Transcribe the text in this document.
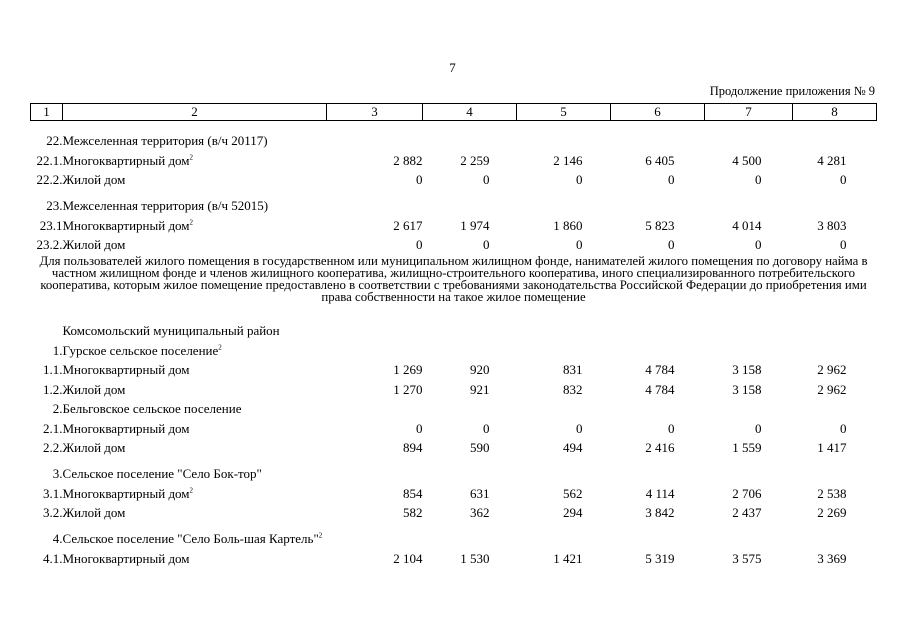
7
Продолжение приложения № 9
1	2	3	4	5	6	7	8
22.	Межселенная территория (в/ч 20117)						
22.1.	Многоквартирный дом$^2$	2 882	2 259	2 146	6 405	4 500	4 281
22.2.	Жилой дом	0	0	0	0	0	0
23.	Межселенная территория (в/ч 52015)						
23.1	Многоквартирный дом$^2$	2 617	1 974	1 860	5 823	4 014	3 803
23.2.	Жилой дом	0	0	0	0	0	0
Для пользователей жилого помещения в государственном или муниципальном жилищном фонде, нанимателей жилого помещения по договору найма в частном жилищном фонде и членов жилищного кооператива, жилищно-строительного кооператива, иного специализированного потребительского кооператива, которым жилое помещение предоставлено в соответствии с требованиями законодательства Российской Федерации до приобретения ими права собственности на такое жилое помещение							
	Комсомольский муниципальный район						
1.	Гурское сельское поселение$^2$						
1.1.	Многоквартирный дом	1 269	920	831	4 784	3 158	2 962
1.2.	Жилой дом	1 270	921	832	4 784	3 158	2 962
2.	Бельговское сельское поселение						
2.1.	Многоквартирный дом	0	0	0	0	0	0
2.2.	Жилой дом	894	590	494	2 416	1 559	1 417
3.	Сельское поселение "Село Бок-тор"						
3.1.	Многоквартирный дом$^2$	854	631	562	4 114	2 706	2 538
3.2.	Жилой дом	582	362	294	3 842	2 437	2 269
4.	Сельское поселение "Село Боль-шая Картель"$^2$						
4.1.	Многоквартирный дом	2 104	1 530	1 421	5 319	3 575	3 369
